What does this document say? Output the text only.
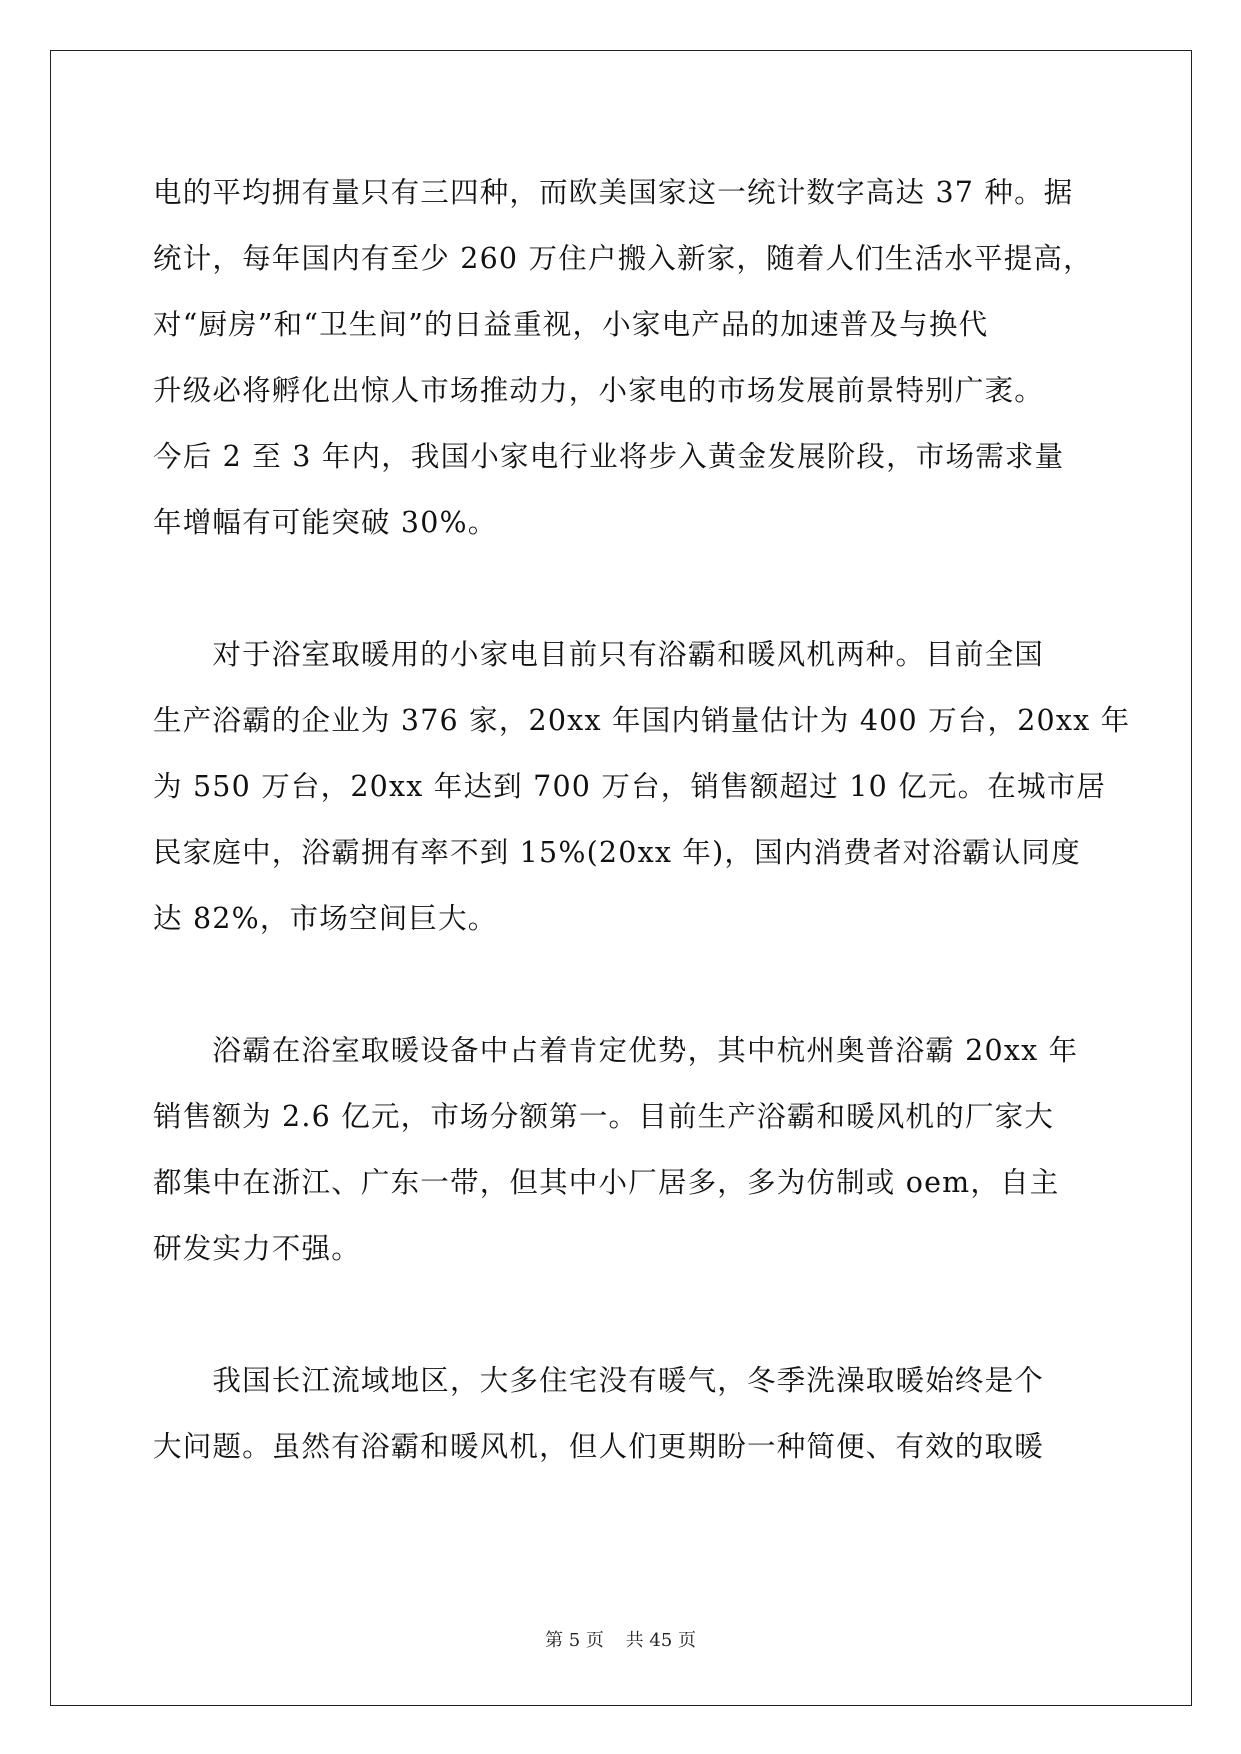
电的平均拥有量只有三四种，而欧美国家这一统计数字高达 37 种。据
统计，每年国内有至少 260 万住户搬入新家，随着人们生活水平提高，
对“厨房”和“卫生间”的日益重视，小家电产品的加速普及与换代
升级必将孵化出惊人市场推动力，小家电的市场发展前景特别广袤。
今后 2 至 3 年内，我国小家电行业将步入黄金发展阶段，市场需求量
年增幅有可能突破 30%。
　　对于浴室取暖用的小家电目前只有浴霸和暖风机两种。目前全国
生产浴霸的企业为 376 家，20xx 年国内销量估计为 400 万台，20xx 年
为 550 万台，20xx 年达到 700 万台，销售额超过 10 亿元。在城市居
民家庭中，浴霸拥有率不到 15%(20xx 年)，国内消费者对浴霸认同度
达 82%，市场空间巨大。
　　浴霸在浴室取暖设备中占着肯定优势，其中杭州奥普浴霸 20xx 年
销售额为 2.6 亿元，市场分额第一。目前生产浴霸和暖风机的厂家大
都集中在浙江、广东一带，但其中小厂居多，多为仿制或 oem，自主
研发实力不强。
　　我国长江流域地区，大多住宅没有暖气，冬季洗澡取暖始终是个
大问题。虽然有浴霸和暖风机，但人们更期盼一种简便、有效的取暖
第 5 页 共 45 页
